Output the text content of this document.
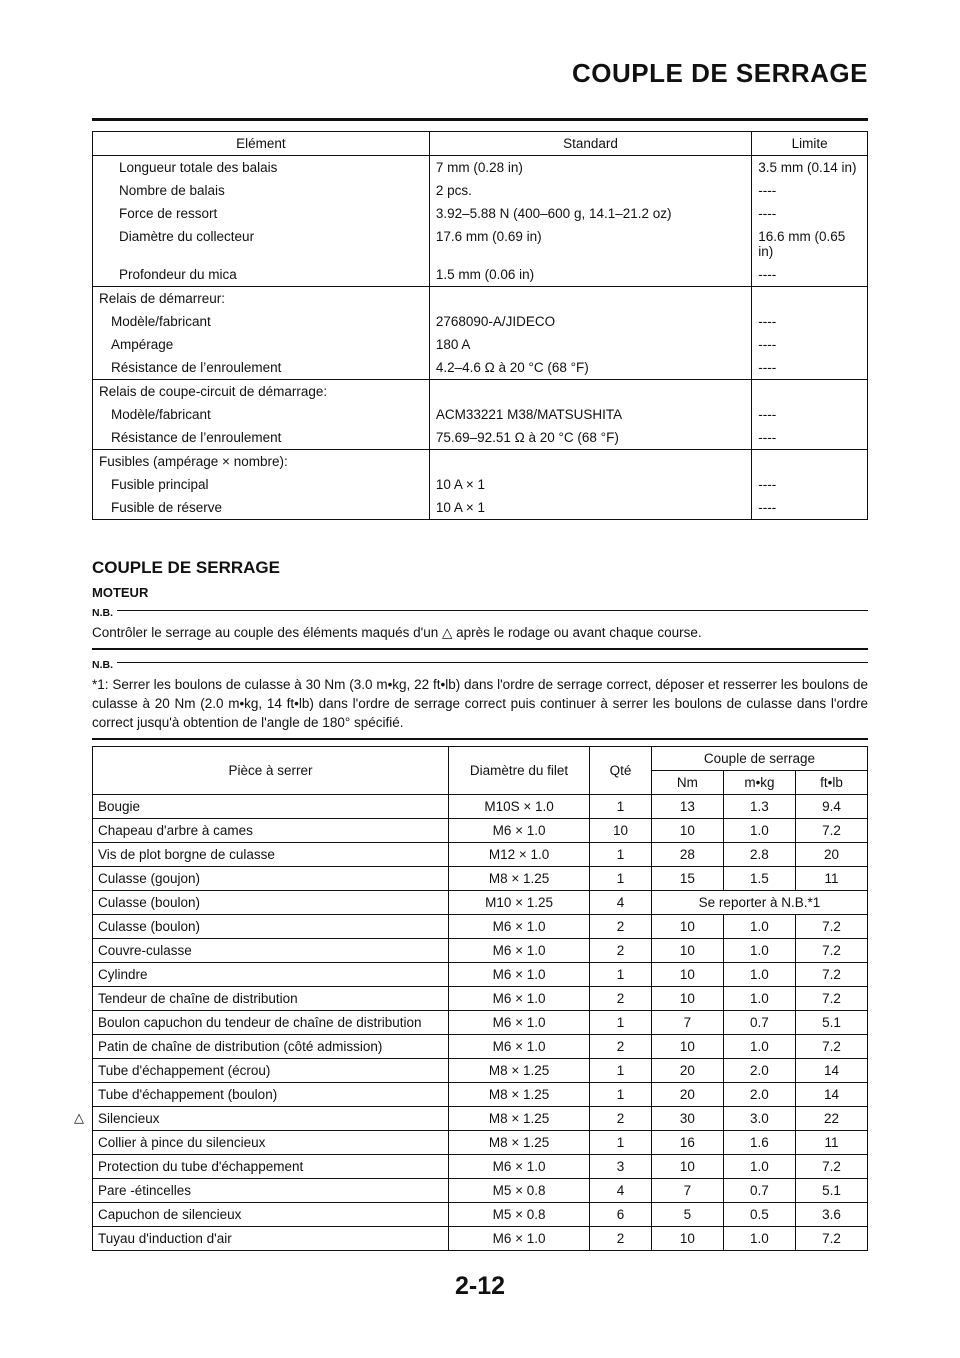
COUPLE DE SERRAGE
Elément	Standard	Limite
Longueur totale des balais	7 mm (0.28 in)	3.5 mm (0.14 in)
Nombre de balais	2 pcs.	----
Force de ressort	3.92–5.88 N (400–600 g, 14.1–21.2 oz)	----
Diamètre du collecteur	17.6 mm (0.69 in)	16.6 mm (0.65 in)
Profondeur du mica	1.5 mm (0.06 in)	----
Relais de démarreur:		
Modèle/fabricant	2768090-A/JIDECO	----
Ampérage	180 A	----
Résistance de l’enroulement	4.2–4.6 Ω à 20 °C (68 °F)	----
Relais de coupe-circuit de démarrage:		
Modèle/fabricant	ACM33221 M38/MATSUSHITA	----
Résistance de l’enroulement	75.69–92.51 Ω à 20 °C (68 °F)	----
Fusibles (ampérage × nombre):		
Fusible principal	10 A × 1	----
Fusible de réserve	10 A × 1	----
COUPLE DE SERRAGE
MOTEUR
N.B.
Contrôler le serrage au couple des éléments maqués d'un △ après le rodage ou avant chaque course.
N.B.
*1: Serrer les boulons de culasse à 30 Nm (3.0 m•kg, 22 ft•lb) dans l'ordre de serrage correct, déposer et resserrer les boulons de culasse à 20 Nm (2.0 m•kg, 14 ft•lb) dans l'ordre de serrage correct puis continuer à serrer les boulons de culasse dans l'ordre correct jusqu'à obtention de l'angle de 180° spécifié.
Pièce à serrer	Diamètre du filet	Qté	Couple de serrage		
			Nm	m•kg	ft•lb
Bougie	M10S × 1.0	1	13	1.3	9.4
Chapeau d'arbre à cames	M6 × 1.0	10	10	1.0	7.2
Vis de plot borgne de culasse	M12 × 1.0	1	28	2.8	20
Culasse (goujon)	M8 × 1.25	1	15	1.5	11
Culasse (boulon)	M10 × 1.25	4	Se reporter à N.B.*1		
Culasse (boulon)	M6 × 1.0	2	10	1.0	7.2
Couvre-culasse	M6 × 1.0	2	10	1.0	7.2
Cylindre	M6 × 1.0	1	10	1.0	7.2
Tendeur de chaîne de distribution	M6 × 1.0	2	10	1.0	7.2
Boulon capuchon du tendeur de chaîne de distribution	M6 × 1.0	1	7	0.7	5.1
Patin de chaîne de distribution (côté admission)	M6 × 1.0	2	10	1.0	7.2
Tube d'échappement (écrou)	M8 × 1.25	1	20	2.0	14
Tube d'échappement (boulon)	M8 × 1.25	1	20	2.0	14
Silencieux	M8 × 1.25	2	30	3.0	22
Collier à pince du silencieux	M8 × 1.25	1	16	1.6	11
Protection du tube d'échappement	M6 × 1.0	3	10	1.0	7.2
Pare -étincelles	M5 × 0.8	4	7	0.7	5.1
Capuchon de silencieux	M5 × 0.8	6	5	0.5	3.6
Tuyau d'induction d'air	M6 × 1.0	2	10	1.0	7.2
△
2-12
